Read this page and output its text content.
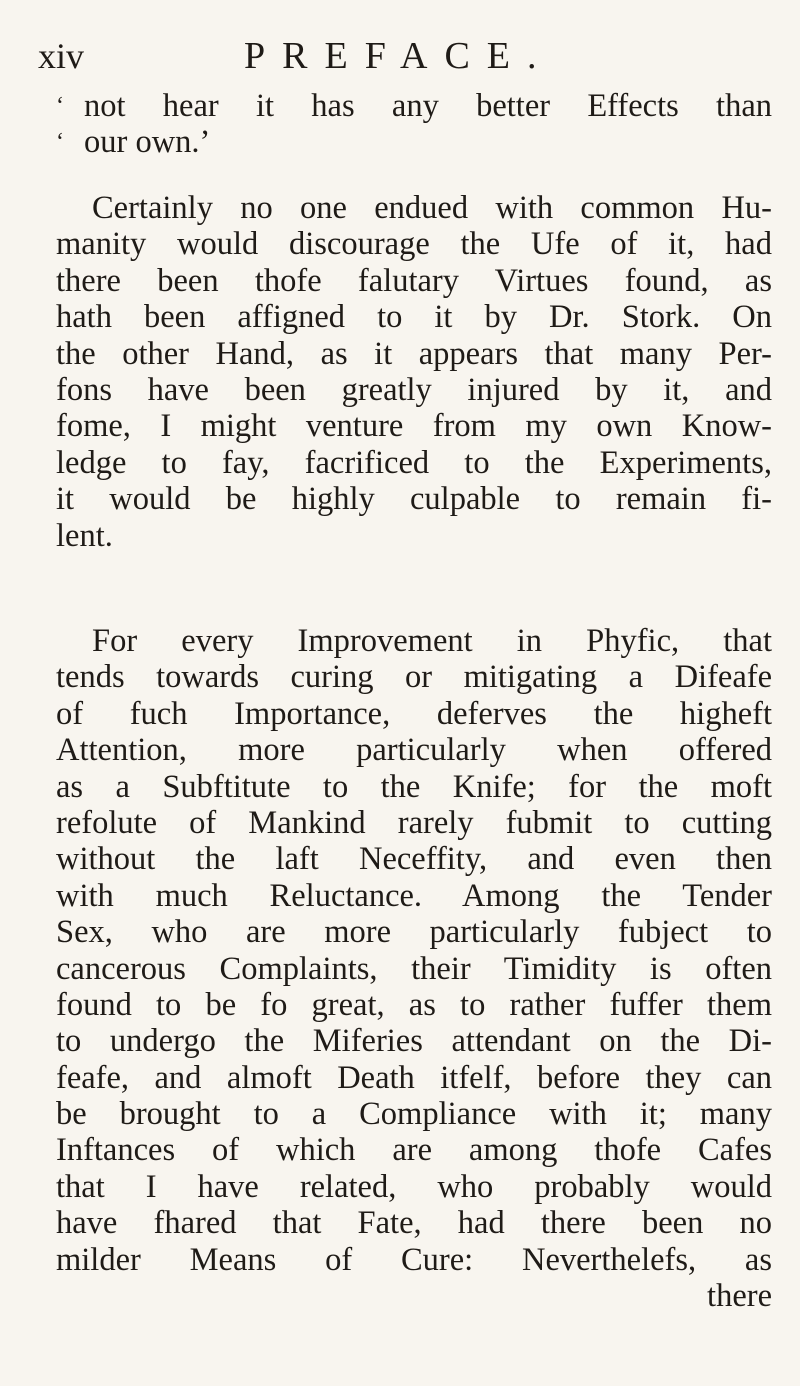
xiv	PREFACE.
‘ not hear it has any better Effects than
‘ our own.’
Certainly no one endued with common Hu-
manity would discourage the Ufe of it, had
there been thofe falutary Virtues found, as
hath been affigned to it by Dr. Stork. On
the other Hand, as it appears that many Per-
fons have been greatly injured by it, and
fome, I might venture from my own Know-
ledge to fay, facrificed to the Experiments,
it would be highly culpable to remain fi-
lent.
For every Improvement in Phyfic, that
tends towards curing or mitigating a Difeafe
of fuch Importance, deferves the higheft
Attention, more particularly when offered
as a Subftitute to the Knife; for the moft
refolute of Mankind rarely fubmit to cutting
without the laft Neceffity, and even then
with much Reluctance. Among the Tender
Sex, who are more particularly fubject to
cancerous Complaints, their Timidity is often
found to be fo great, as to rather fuffer them
to undergo the Miferies attendant on the Di-
feafe, and almoft Death itfelf, before they can
be brought to a Compliance with it; many
Inftances of which are among thofe Cafes
that I have related, who probably would
have fhared that Fate, had there been no
milder Means of Cure: Neverthelefs, as
there
